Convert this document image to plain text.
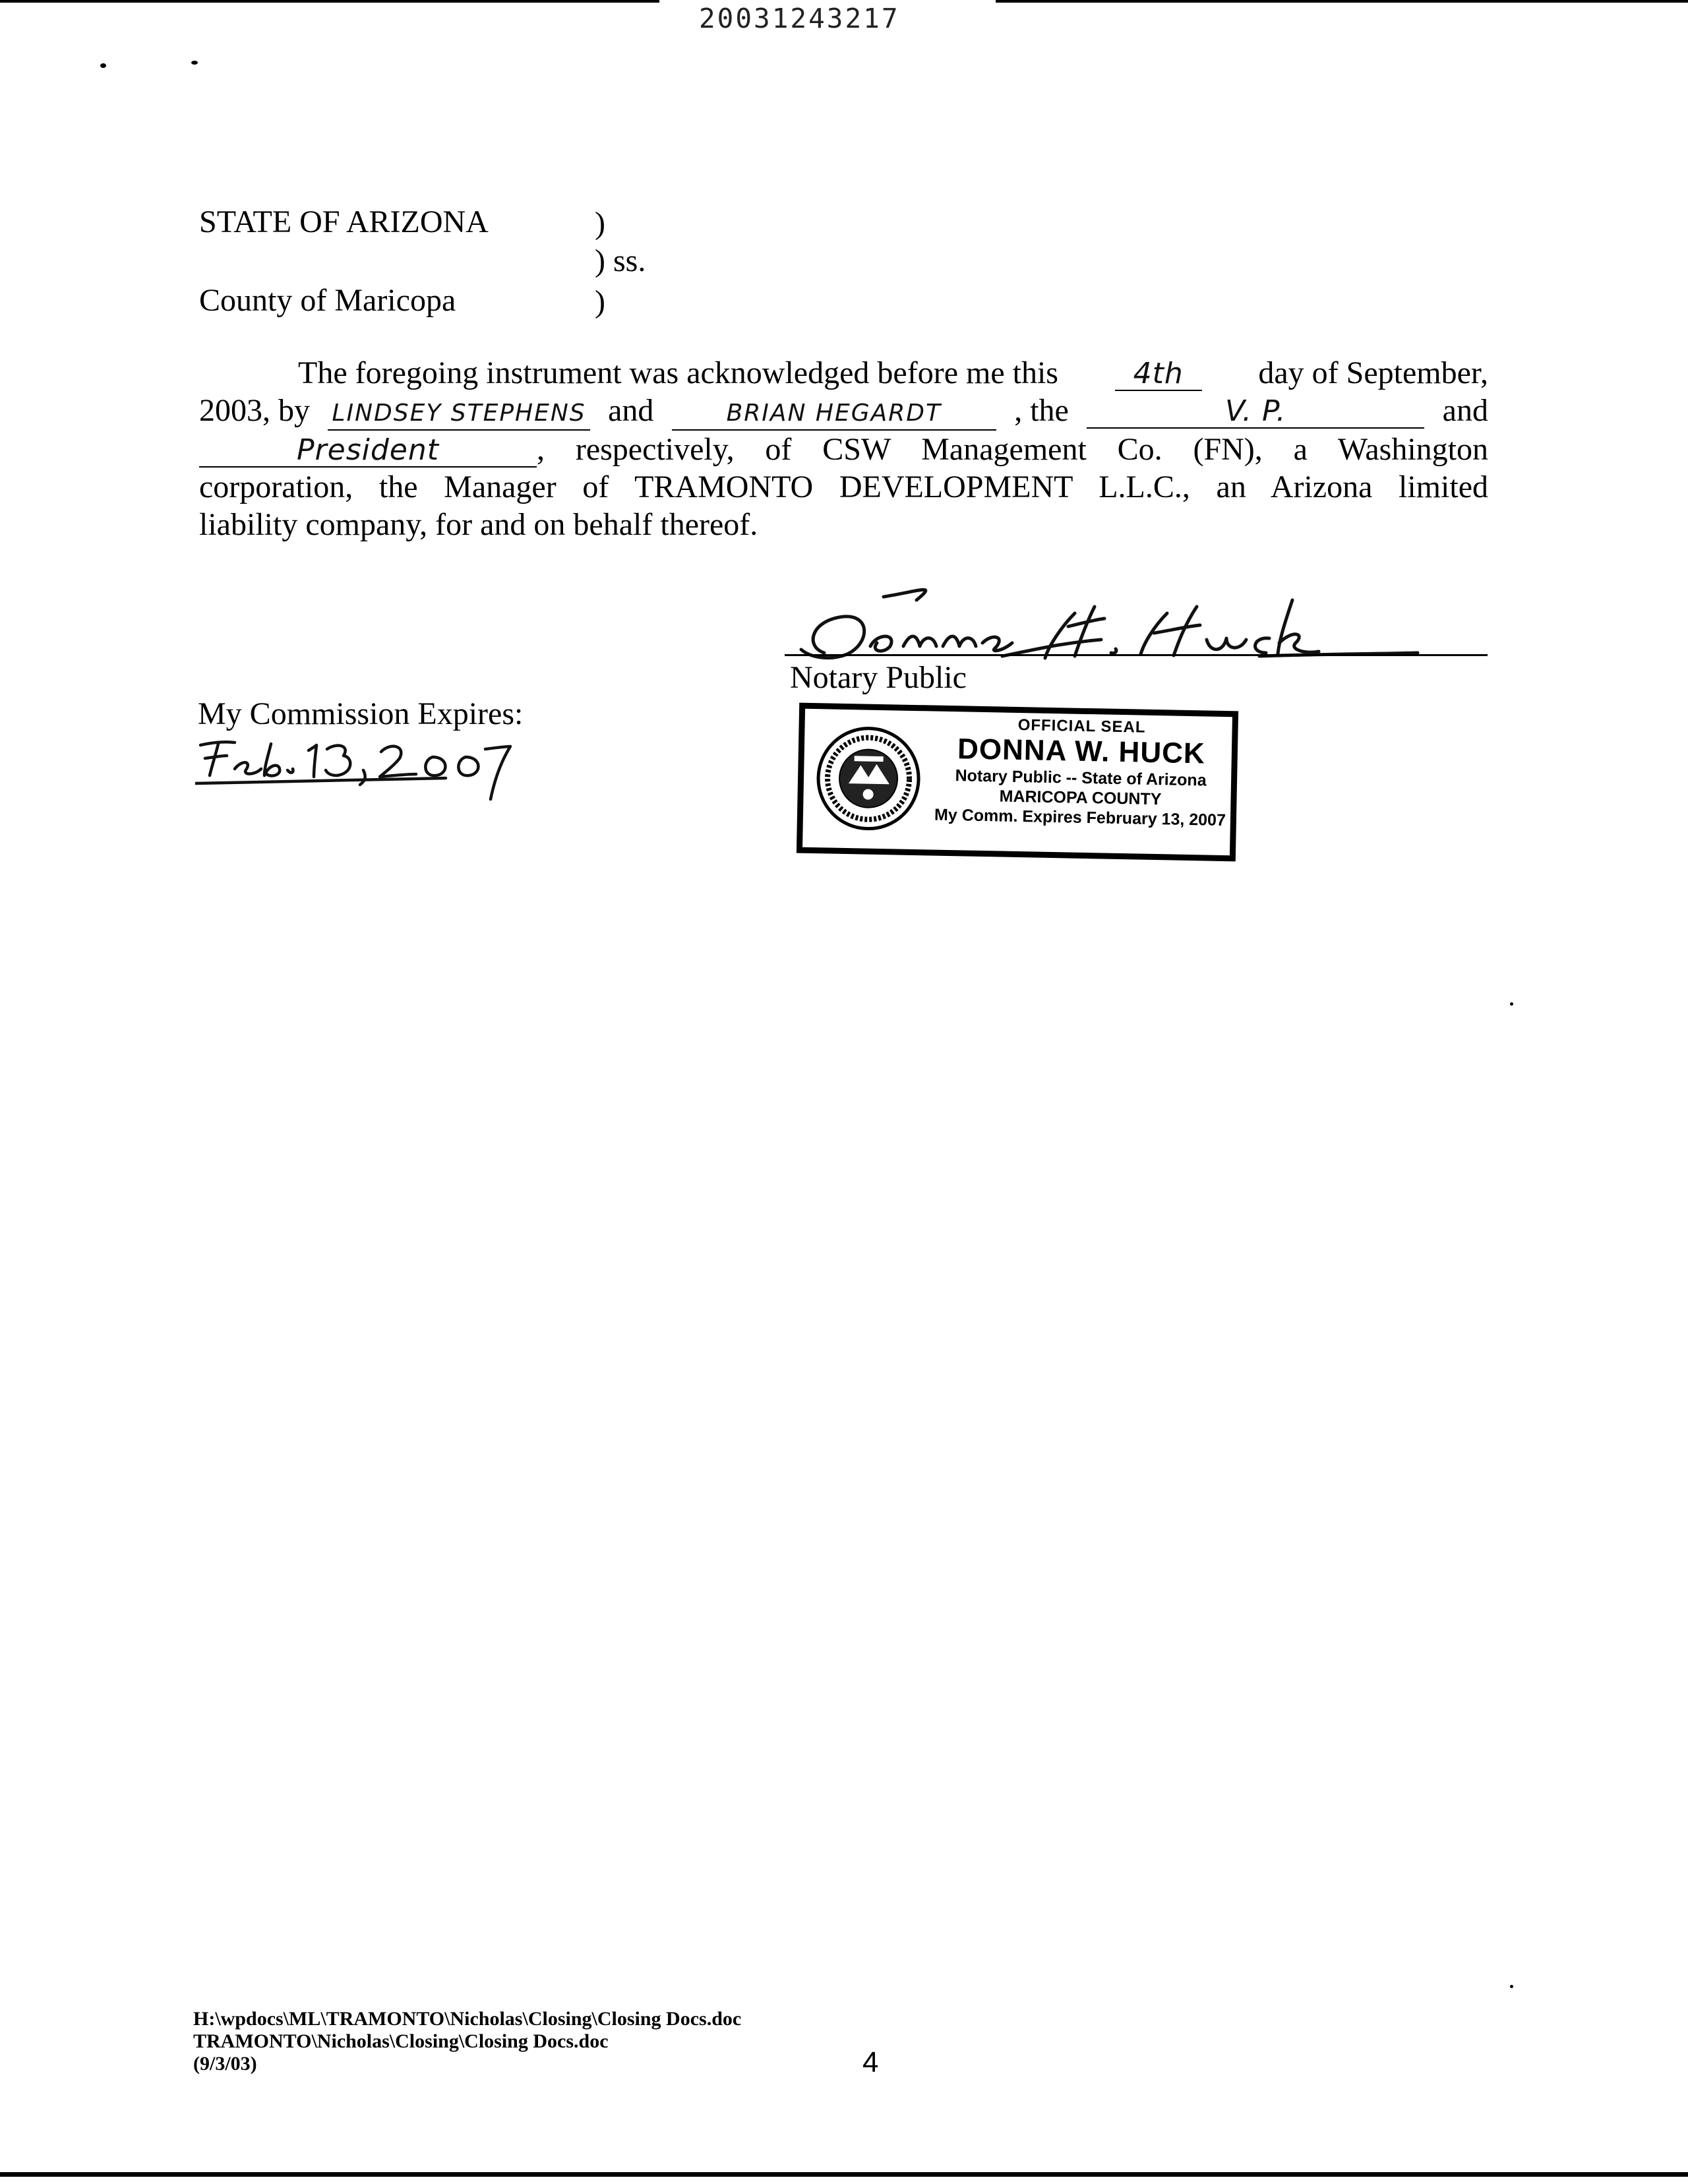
20031243217
STATE OF ARIZONA	)
) ss.
County of Maricopa	)
The foregoing instrument was acknowledged before me this	4th	day of September,
2003, by LINDSEY STEPHENS and	BRIAN HEGARDT	, the	V. P.	and
President	, respectively, of CSW Management Co. (FN), a Washington
corporation, the Manager of TRAMONTO DEVELOPMENT L.L.C., an Arizona limited
liability company, for and on behalf thereof.
Notary Public
My Commission Expires:	OFFICIAL SEAL
DONNA W. HUCK
Notary Public -- State of Arizona
MARICOPA COUNTY
My Comm. Expires February 13, 2007
H:\wpdocs\ML\TRAMONTO\Nicholas\Closing\Closing Docs.doc
TRAMONTO\Nicholas\Closing\Closing Docs.doc
(9/3/03)	4
